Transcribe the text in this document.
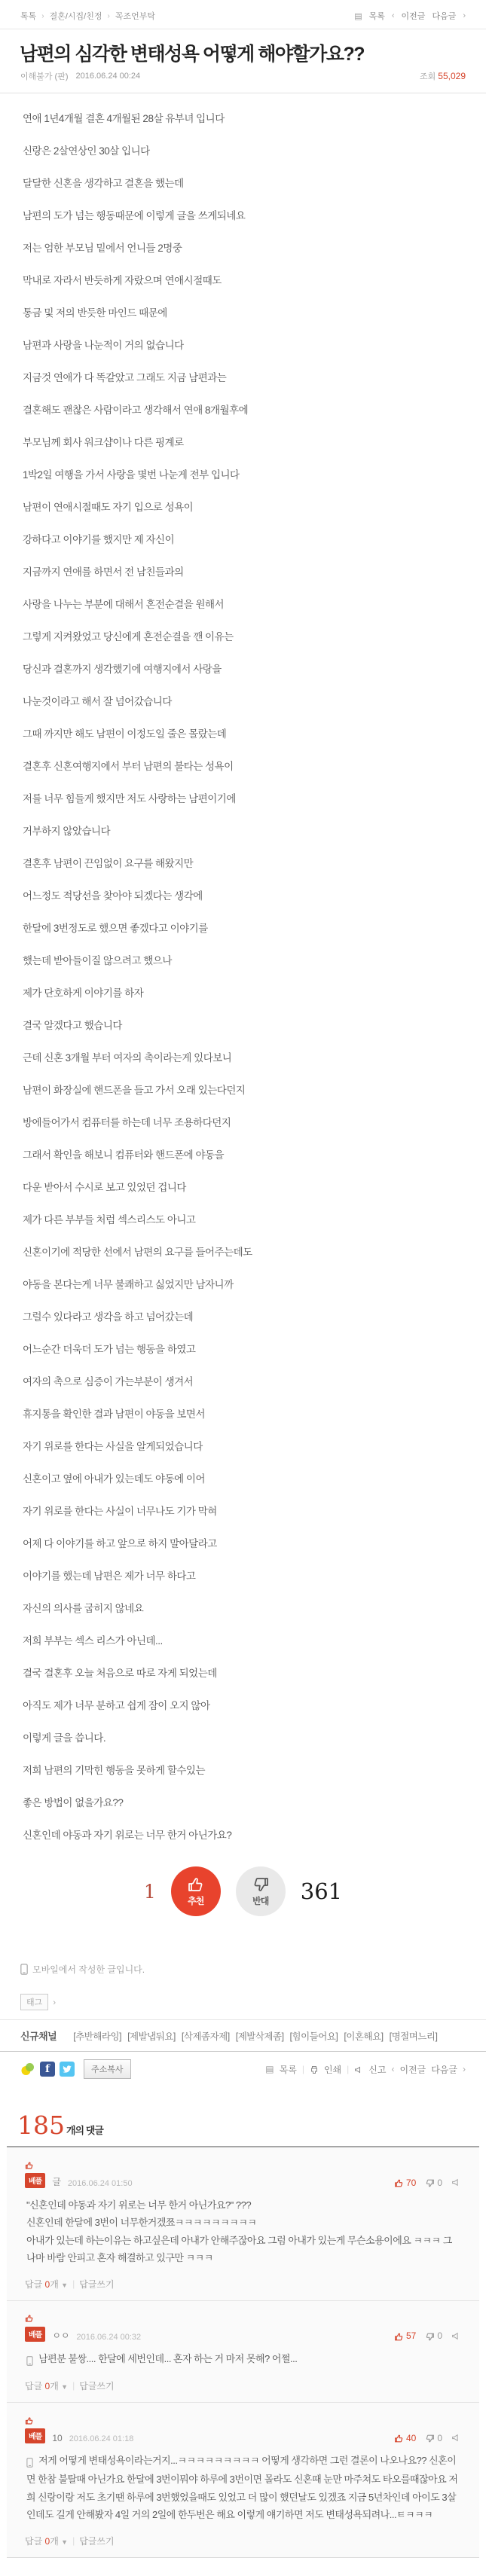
톡톡 › 결혼/시집/친정 › 꼭조언부탁	▤ 목록 ‹ 이전글 다음글 ›
남편의 심각한 변태성욕 어떻게 해야할가요??
이해불가 (판) 2016.06.24 00:24	조회 55,029

연애 1년4개월 결혼 4개월된 28살 유부녀 입니다

신랑은 2살연상인 30살 입니다

달달한 신혼을 생각하고 결혼을 했는데

남편의 도가 넘는 행동때문에 이렇게 글을 쓰게되네요

저는 엄한 부모님 밑에서 언니들 2명중

막내로 자라서 반듯하게 자랐으며 연애시절때도

통금 및 저의 반듯한 마인드 때문에

남편과 사랑을 나눈적이 거의 없습니다

지금것 연애가 다 똑같았고 그래도 지금 남편과는

결혼해도 괜찮은 사람이라고 생각해서 연애 8개월후에

부모님께 회사 워크샵이나 다른 핑계로

1박2일 여행을 가서 사랑을 몇번 나눈게 전부 입니다

남편이 연애시절때도 자기 입으로 성욕이

강하다고 이야기를 했지만 제 자신이

지금까지 연애를 하면서 전 남친들과의

사랑을 나누는 부분에 대해서 혼전순결을 원해서

그렇게 지켜왔었고 당신에게 혼전순결을 깬 이유는

당신과 결혼까지 생각했기에 여행지에서 사랑을

나눈것이라고 해서 잘 넘어갔습니다

그때 까지만 해도 남편이 이정도일 줄은 몰랐는데

결혼후 신혼여행지에서 부터 남편의 불타는 성욕이

저를 너무 힘들게 했지만 저도 사랑하는 남편이기에

거부하지 않았습니다

결혼후 남편이 끈임없이 요구를 해왔지만

어느정도 적당선을 찾아야 되겠다는 생각에

한달에 3번정도로 했으면 좋겠다고 이야기를

했는데 받아들이질 않으려고 했으나

제가 단호하게 이야기를 하자

결국 알겠다고 했습니다

근데 신혼 3개월 부터 여자의 촉이라는게 있다보니

남편이 화장실에 핸드폰을 들고 가서 오래 있는다던지

방에들어가서 컴퓨터를 하는데 너무 조용하다던지

그래서 확인을 해보니 컴퓨터와 핸드폰에 야동을

다운 받아서 수시로 보고 있었던 겁니다

제가 다른 부부들 처럼 섹스리스도 아니고

신혼이기에 적당한 선에서 남편의 요구를 들어주는데도

야동을 본다는게 너무 불쾌하고 싫었지만 남자니까

그럴수 있다라고 생각을 하고 넘어갔는데

어느순간 더욱더 도가 넘는 행동을 하였고

여자의 촉으로 심증이 가는부분이 생겨서

휴지통을 확인한 결과 남편이 야동을 보면서

자기 위로를 한다는 사실을 알게되었습니다

신혼이고 옆에 아내가 있는데도 야동에 이어

자기 위로를 한다는 사실이 너무나도 기가 막혀

어제 다 이야기를 하고 앞으로 하지 말아달라고

이야기를 했는데 남편은 제가 너무 하다고

자신의 의사를 굽히지 않네요

저희 부부는 섹스 리스가 아닌데...

결국 결혼후 오늘 처음으로 따로 자게 되었는데

아직도 제가 너무 분하고 쉽게 잠이 오지 않아

이렇게 글을 씁니다.

저희 남편의 기막힌 행동을 못하게 할수있는

좋은 방법이 없을가요??

신혼인데 야동과 자기 위로는 너무 한거 아닌가요?

1	추천	반대 361
모바일에서 작성한 글입니다.
태그 ›
신규채널 [추반해라잉] [제발냅둬요] [삭제좀자제] [제발삭제좀] [힘이들어요] [이혼해요] [명절며느리]
f	주소복사	▤ 목록 | 인쇄 | 신고 ‹ 이전글 다음글 ›
185 개의 댓글
베플	글 2016.06.24 01:50	70 0

"신혼인데 야동과 자기 위로는 너무 한거 아닌가요?" ???

신혼인데 한달에 3번이 너무한거겠쬬ㅋㅋㅋㅋㅋㅋㅋㅋㅋ

아내가 있는데 하는이유는 하고싶은데 아내가 안해주잖아요 그럼 아내가 있는게 무슨소용이에요 ㅋㅋㅋ 그나마 바람 안피고 혼자 해결하고 있구만 ㅋㅋㅋ

답글 0개 ▼ | 답글쓰기
베플	ㅇㅇ 2016.06.24 00:32	57 0

남편분 불쌍.... 한달에 세번인데... 혼자 하는 거 마저 못해? 어쩔...

답글 0개 ▼ | 답글쓰기
베플	10 2016.06.24 01:18	40 0

저게 어떻게 변태성욕이라는거지...ㅋㅋㅋㅋㅋㅋㅋㅋㅋ 어떻게 생각하면 그런 결론이 나오나요?? 신혼이면 한참 불탈때 아닌가요 한달에 3번이뭐야 하루에 3번이면 몰라도 신혼때 눈만 마주쳐도 타오를때잖아요 저희 신랑이랑 저도 초기땐 하루에 3번했었을때도 있었고 더 많이 했던날도 있겠죠 지금 5년차인데 아이도 3살인데도 길게 안해봤자 4일 거의 2일에 한두번은 해요 이렇게 얘기하면 저도 변태성욕되려나...ㅌㅋㅋㅋ

답글 0개 ▼ | 답글쓰기
